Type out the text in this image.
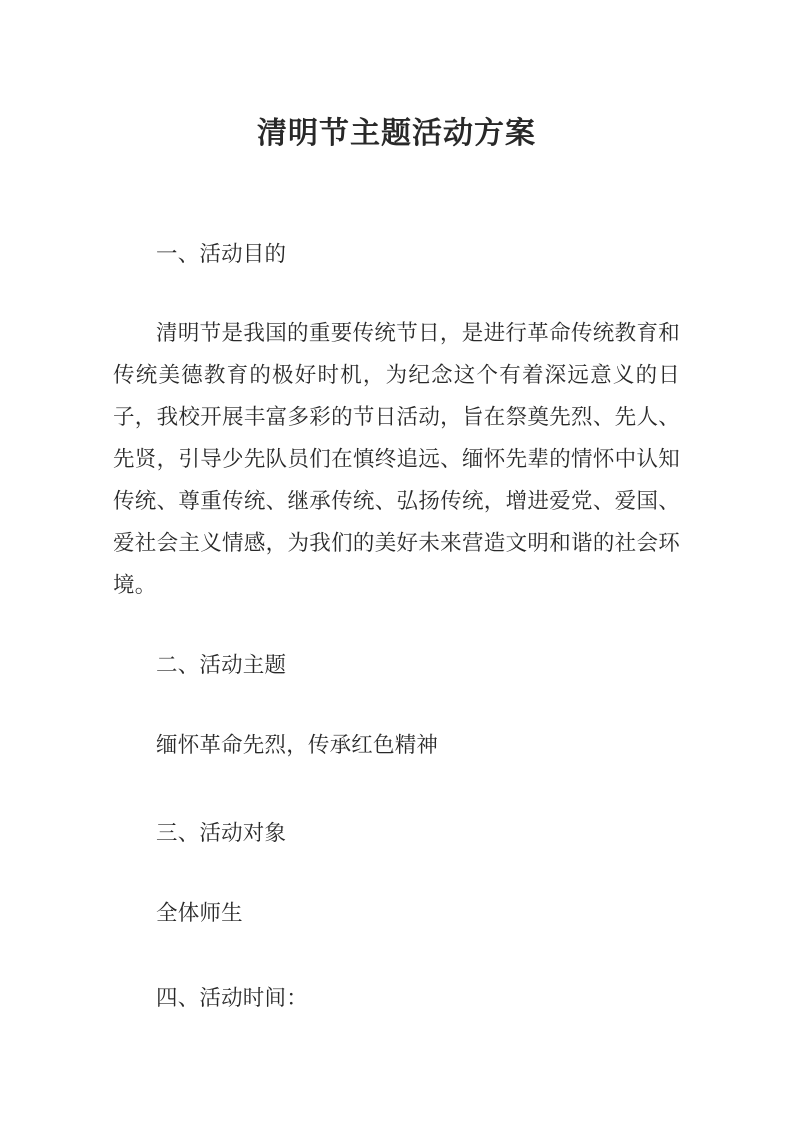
清明节主题活动方案

一、活动目的

清明节是我国的重要传统节日，是进行革命传统教育和传统美德教育的极好时机，为纪念这个有着深远意义的日子，我校开展丰富多彩的节日活动，旨在祭奠先烈、先人、先贤，引导少先队员们在慎终追远、缅怀先辈的情怀中认知传统、尊重传统、继承传统、弘扬传统，增进爱党、爱国、爱社会主义情感，为我们的美好未来营造文明和谐的社会环境。

二、活动主题

缅怀革命先烈，传承红色精神

三、活动对象

全体师生

四、活动时间：
